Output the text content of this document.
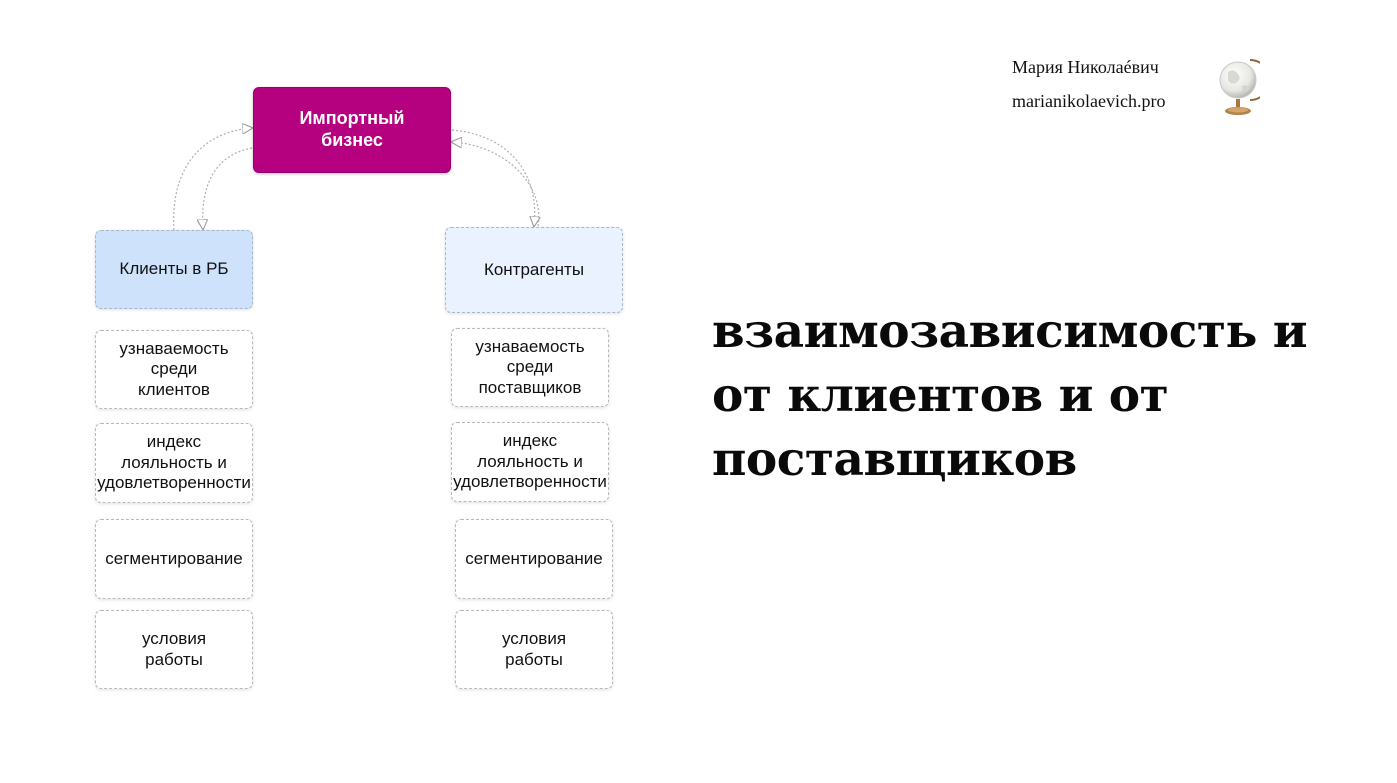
Мария Николаéвич
marianikolaevich.pro
Импортный
бизнес
Клиенты в РБ	Контрагенты
узнаваемость
среди
клиентов
индекс
лояльность и
удовлетворенности
сегментирование
условия
работы
узнаваемость
среди
поставщиков
индекс
лояльность и
удовлетворенности
сегментирование
условия
работы
взаимозависимость и от клиентов и от поставщиков
